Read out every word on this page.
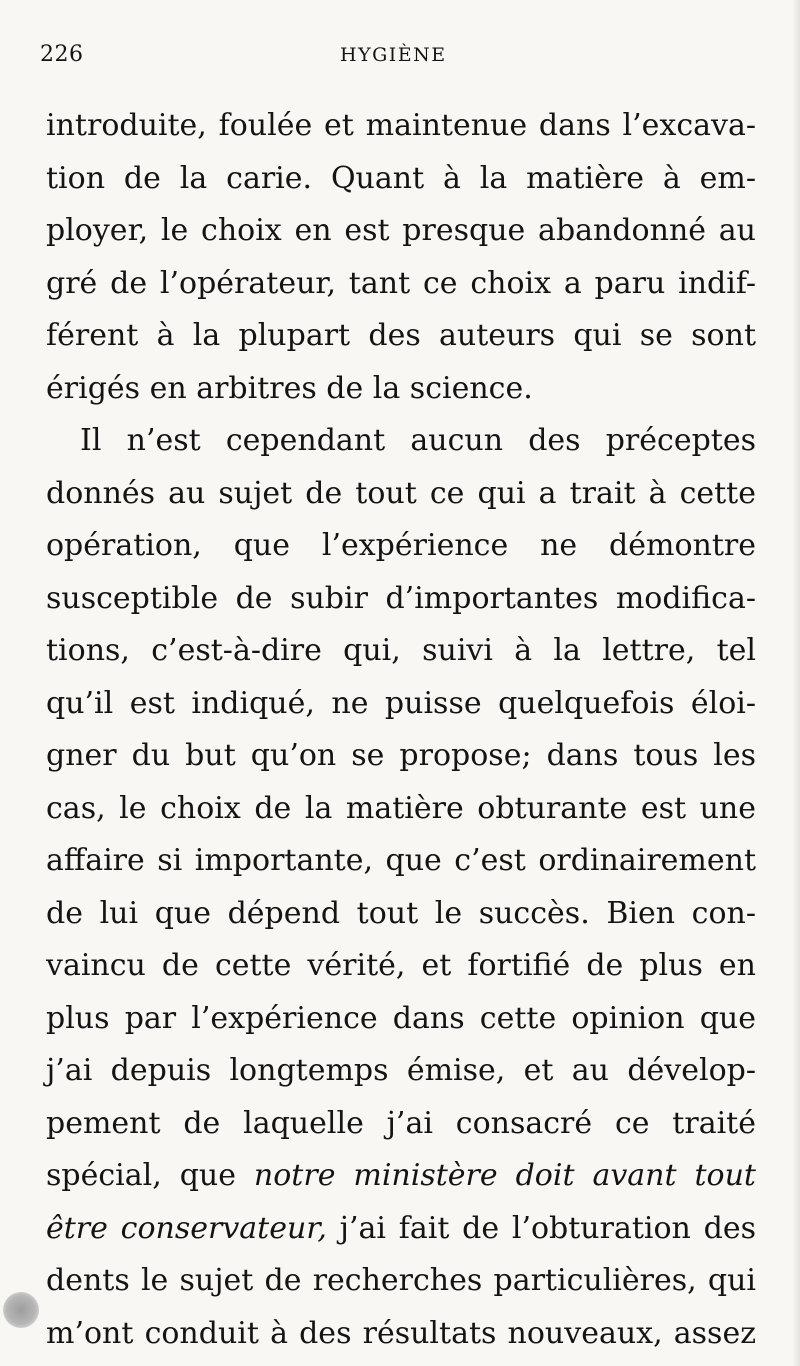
226	HYGIÈNE
introduite, foulée et maintenue dans l’excava-
tion de la carie. Quant à la matière à em-
ployer, le choix en est presque abandonné au
gré de l’opérateur, tant ce choix a paru indif-
férent à la plupart des auteurs qui se sont
érigés en arbitres de la science.
Il n’est cependant aucun des préceptes
donnés au sujet de tout ce qui a trait à cette
opération, que l’expérience ne démontre
susceptible de subir d’importantes modifica-
tions, c’est-à-dire qui, suivi à la lettre, tel
qu’il est indiqué, ne puisse quelquefois éloi-
gner du but qu’on se propose; dans tous les
cas, le choix de la matière obturante est une
affaire si importante, que c’est ordinairement
de lui que dépend tout le succès. Bien con-
vaincu de cette vérité, et fortifié de plus en
plus par l’expérience dans cette opinion que
j’ai depuis longtemps émise, et au dévelop-
pement de laquelle j’ai consacré ce traité
spécial, que notre ministère doit avant tout
être conservateur, j’ai fait de l’obturation des
dents le sujet de recherches particulières, qui
m’ont conduit à des résultats nouveaux, assez
